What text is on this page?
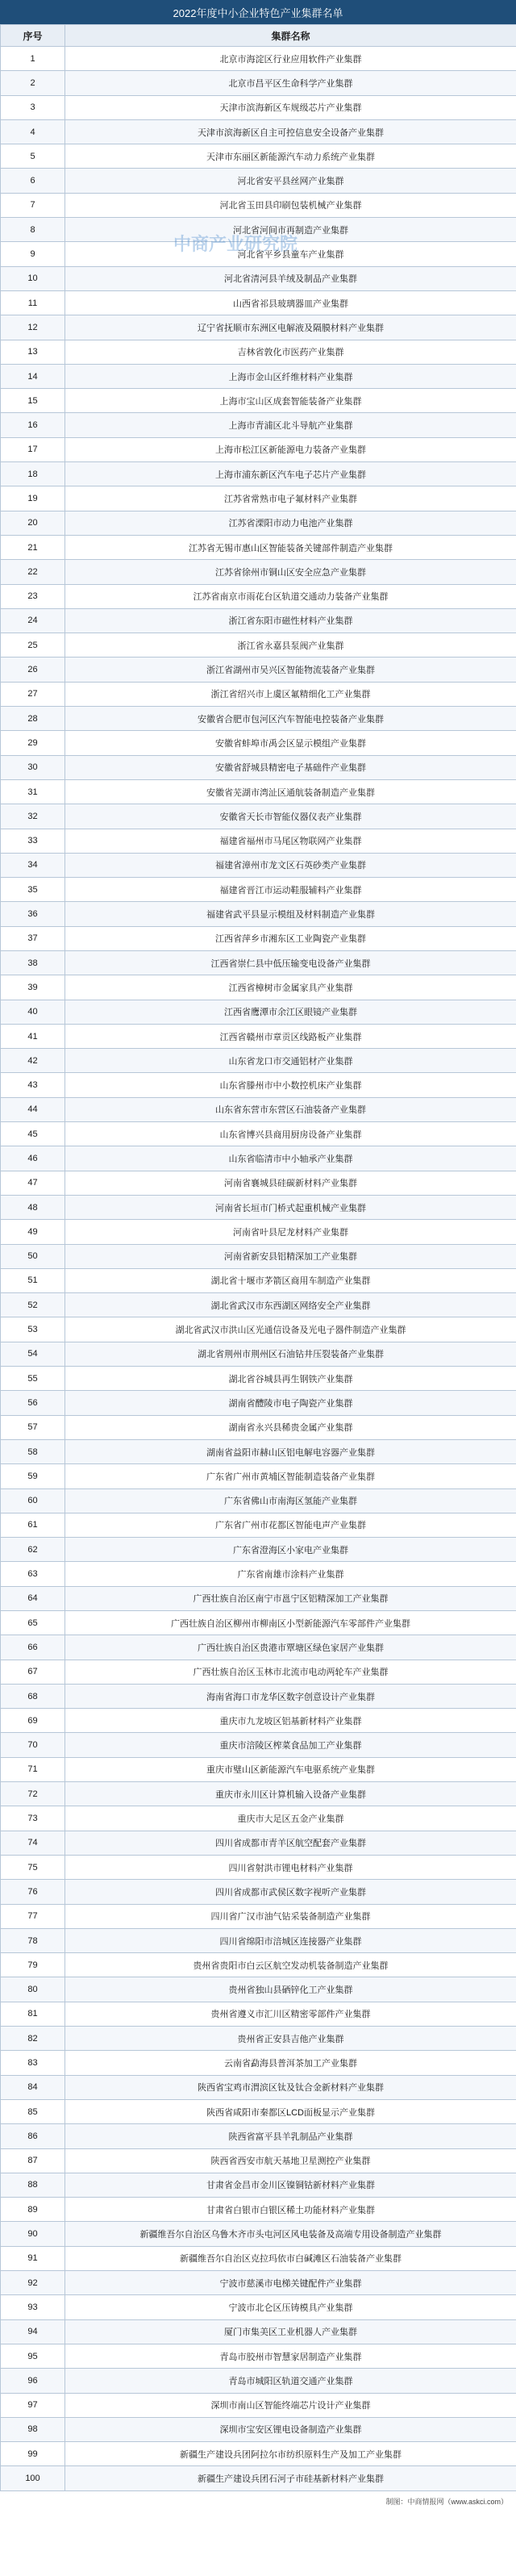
2022年度中小企业特色产业集群名单
序号	集群名称
1	北京市海淀区行业应用软件产业集群
2	北京市昌平区生命科学产业集群
3	天津市滨海新区车规级芯片产业集群
4	天津市滨海新区自主可控信息安全设备产业集群
5	天津市东丽区新能源汽车动力系统产业集群
6	河北省安平县丝网产业集群
7	河北省玉田县印刷包装机械产业集群
8	河北省河间市再制造产业集群
9	河北省平乡县童车产业集群
10	河北省清河县羊绒及制品产业集群
11	山西省祁县玻璃器皿产业集群
12	辽宁省抚顺市东洲区电解液及隔膜材料产业集群
13	吉林省敦化市医药产业集群
14	上海市金山区纤维材料产业集群
15	上海市宝山区成套智能装备产业集群
16	上海市青浦区北斗导航产业集群
17	上海市松江区新能源电力装备产业集群
18	上海市浦东新区汽车电子芯片产业集群
19	江苏省常熟市电子氟材料产业集群
20	江苏省溧阳市动力电池产业集群
21	江苏省无锡市惠山区智能装备关键部件制造产业集群
22	江苏省徐州市铜山区安全应急产业集群
23	江苏省南京市雨花台区轨道交通动力装备产业集群
24	浙江省东阳市磁性材料产业集群
25	浙江省永嘉县泵阀产业集群
26	浙江省湖州市吴兴区智能物流装备产业集群
27	浙江省绍兴市上虞区氟精细化工产业集群
28	安徽省合肥市包河区汽车智能电控装备产业集群
29	安徽省蚌埠市禹会区显示模组产业集群
30	安徽省舒城县精密电子基础件产业集群
31	安徽省芜湖市湾沚区通航装备制造产业集群
32	安徽省天长市智能仪器仪表产业集群
33	福建省福州市马尾区物联网产业集群
34	福建省漳州市龙文区石英砂类产业集群
35	福建省晋江市运动鞋服辅料产业集群
36	福建省武平县显示模组及材料制造产业集群
37	江西省萍乡市湘东区工业陶瓷产业集群
38	江西省崇仁县中低压输变电设备产业集群
39	江西省樟树市金属家具产业集群
40	江西省鹰潭市余江区眼镜产业集群
41	江西省赣州市章贡区线路板产业集群
42	山东省龙口市交通铝材产业集群
43	山东省滕州市中小数控机床产业集群
44	山东省东营市东营区石油装备产业集群
45	山东省博兴县商用厨房设备产业集群
46	山东省临清市中小轴承产业集群
47	河南省襄城县硅碳新材料产业集群
48	河南省长垣市门桥式起重机械产业集群
49	河南省叶县尼龙材料产业集群
50	河南省新安县铝精深加工产业集群
51	湖北省十堰市茅箭区商用车制造产业集群
52	湖北省武汉市东西湖区网络安全产业集群
53	湖北省武汉市洪山区光通信设备及光电子器件制造产业集群
54	湖北省荆州市荆州区石油钻井压裂装备产业集群
55	湖北省谷城县再生钢铁产业集群
56	湖南省醴陵市电子陶瓷产业集群
57	湖南省永兴县稀贵金属产业集群
58	湖南省益阳市赫山区铝电解电容器产业集群
59	广东省广州市黄埔区智能制造装备产业集群
60	广东省佛山市南海区氢能产业集群
61	广东省广州市花都区智能电声产业集群
62	广东省澄海区小家电产业集群
63	广东省南雄市涂料产业集群
64	广西壮族自治区南宁市邕宁区铝精深加工产业集群
65	广西壮族自治区柳州市柳南区小型新能源汽车零部件产业集群
66	广西壮族自治区贵港市覃塘区绿色家居产业集群
67	广西壮族自治区玉林市北流市电动两轮车产业集群
68	海南省海口市龙华区数字创意设计产业集群
69	重庆市九龙坡区铝基新材料产业集群
70	重庆市涪陵区榨菜食品加工产业集群
71	重庆市璧山区新能源汽车电驱系统产业集群
72	重庆市永川区计算机输入设备产业集群
73	重庆市大足区五金产业集群
74	四川省成都市青羊区航空配套产业集群
75	四川省射洪市锂电材料产业集群
76	四川省成都市武侯区数字视听产业集群
77	四川省广汉市油气钻采装备制造产业集群
78	四川省绵阳市涪城区连接器产业集群
79	贵州省贵阳市白云区航空发动机装备制造产业集群
80	贵州省独山县硒锌化工产业集群
81	贵州省遵义市汇川区精密零部件产业集群
82	贵州省正安县吉他产业集群
83	云南省勐海县普洱茶加工产业集群
84	陕西省宝鸡市渭滨区钛及钛合金新材料产业集群
85	陕西省咸阳市秦都区LCD面板显示产业集群
86	陕西省富平县羊乳制品产业集群
87	陕西省西安市航天基地卫星测控产业集群
88	甘肃省金昌市金川区镍铜钴新材料产业集群
89	甘肃省白银市白银区稀土功能材料产业集群
90	新疆维吾尔自治区乌鲁木齐市头屯河区风电装备及高端专用设备制造产业集群
91	新疆维吾尔自治区克拉玛依市白碱滩区石油装备产业集群
92	宁波市慈溪市电梯关键配件产业集群
93	宁波市北仑区压铸模具产业集群
94	厦门市集美区工业机器人产业集群
95	青岛市胶州市智慧家居制造产业集群
96	青岛市城阳区轨道交通产业集群
97	深圳市南山区智能终端芯片设计产业集群
98	深圳市宝安区锂电设备制造产业集群
99	新疆生产建设兵团阿拉尔市纺织原料生产及加工产业集群
100	新疆生产建设兵团石河子市硅基新材料产业集群
制图：中商情报网（www.askci.com）
中商产业研究院
